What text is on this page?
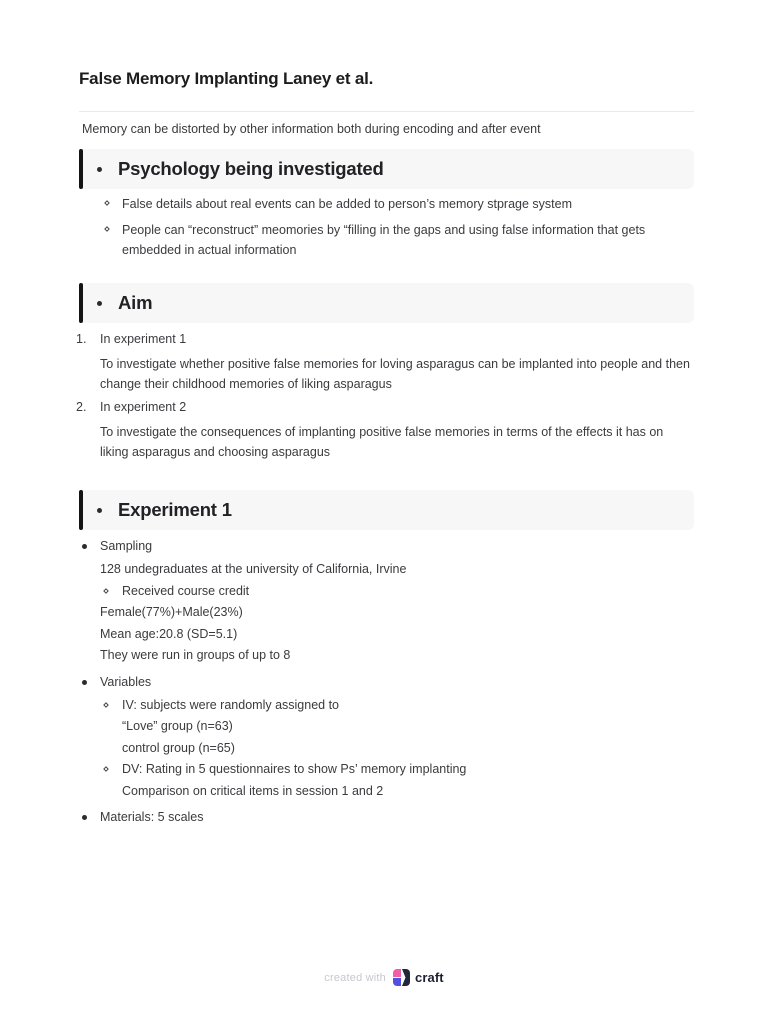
False Memory Implanting Laney et al.
Memory can be distorted by other information both during encoding and after event
Psychology being investigated
False details about real events can be added to person’s memory stprage system
People can “reconstruct” meomories by “filling in the gaps and using false information that gets embedded in actual information
Aim
1.	In experiment 1
To investigate whether positive false memories for loving asparagus can be implanted into people and then change their childhood memories of liking asparagus
2.	In experiment 2
To investigate the consequences of implanting positive false memories in terms of the effects it has on liking asparagus and choosing asparagus
Experiment 1
Sampling
128 undegraduates at the university of California, Irvine
Received course credit
Female(77%)+Male(23%)
Mean age:20.8 (SD=5.1)
They were run in groups of up to 8
Variables
IV: subjects were randomly assigned to
“Love” group (n=63)
control group (n=65)
DV: Rating in 5 questionnaires to show Ps’ memory implanting
Comparison on critical items in session 1 and 2
Materials: 5 scales
created with craft
